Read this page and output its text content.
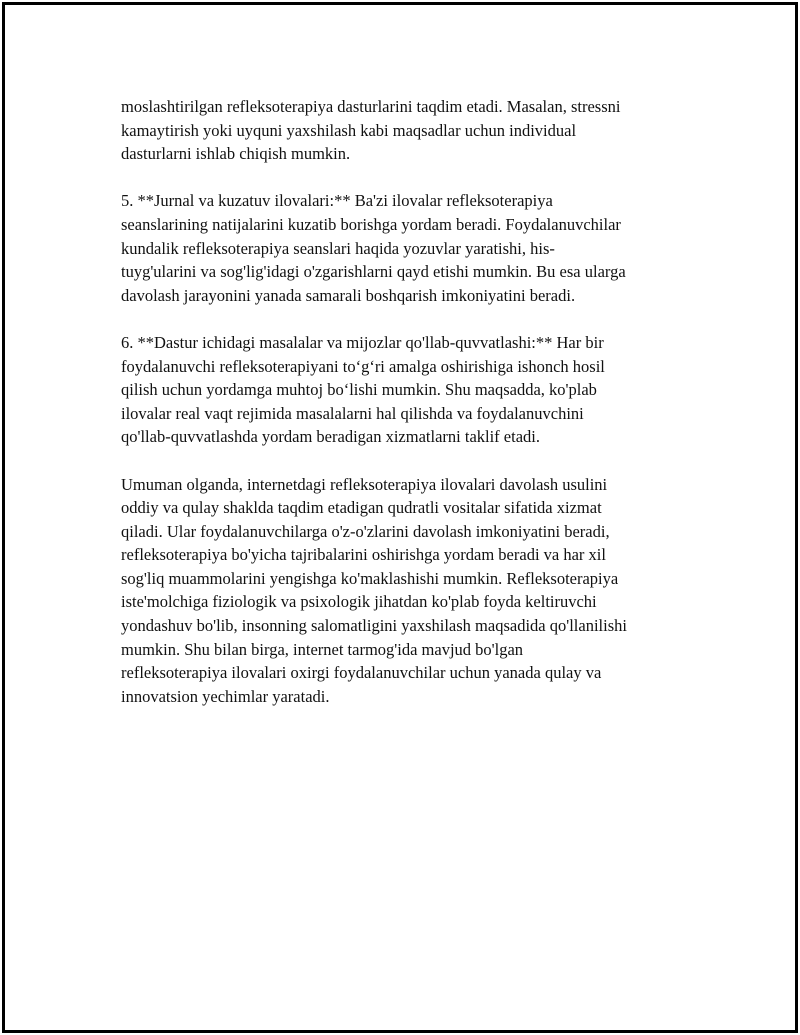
moslashtirilgan refleksoterapiya dasturlarini taqdim etadi. Masalan, stressni
kamaytirish yoki uyquni yaxshilash kabi maqsadlar uchun individual
dasturlarni ishlab chiqish mumkin.

5. **Jurnal va kuzatuv ilovalari:** Ba'zi ilovalar refleksoterapiya
seanslarining natijalarini kuzatib borishga yordam beradi. Foydalanuvchilar
kundalik refleksoterapiya seanslari haqida yozuvlar yaratishi, his-
tuyg'ularini va sog'lig'idagi o'zgarishlarni qayd etishi mumkin. Bu esa ularga
davolash jarayonini yanada samarali boshqarish imkoniyatini beradi.

6. **Dastur ichidagi masalalar va mijozlar qo'llab-quvvatlashi:** Har bir
foydalanuvchi refleksoterapiyani to‘g‘ri amalga oshirishiga ishonch hosil
qilish uchun yordamga muhtoj bo‘lishi mumkin. Shu maqsadda, ko'plab
ilovalar real vaqt rejimida masalalarni hal qilishda va foydalanuvchini
qo'llab-quvvatlashda yordam beradigan xizmatlarni taklif etadi.

Umuman olganda, internetdagi refleksoterapiya ilovalari davolash usulini
oddiy va qulay shaklda taqdim etadigan qudratli vositalar sifatida xizmat
qiladi. Ular foydalanuvchilarga o'z-o'zlarini davolash imkoniyatini beradi,
refleksoterapiya bo'yicha tajribalarini oshirishga yordam beradi va har xil
sog'liq muammolarini yengishga ko'maklashishi mumkin. Refleksoterapiya
iste'molchiga fiziologik va psixologik jihatdan ko'plab foyda keltiruvchi
yondashuv bo'lib, insonning salomatligini yaxshilash maqsadida qo'llanilishi
mumkin. Shu bilan birga, internet tarmog'ida mavjud bo'lgan
refleksoterapiya ilovalari oxirgi foydalanuvchilar uchun yanada qulay va
innovatsion yechimlar yaratadi.
